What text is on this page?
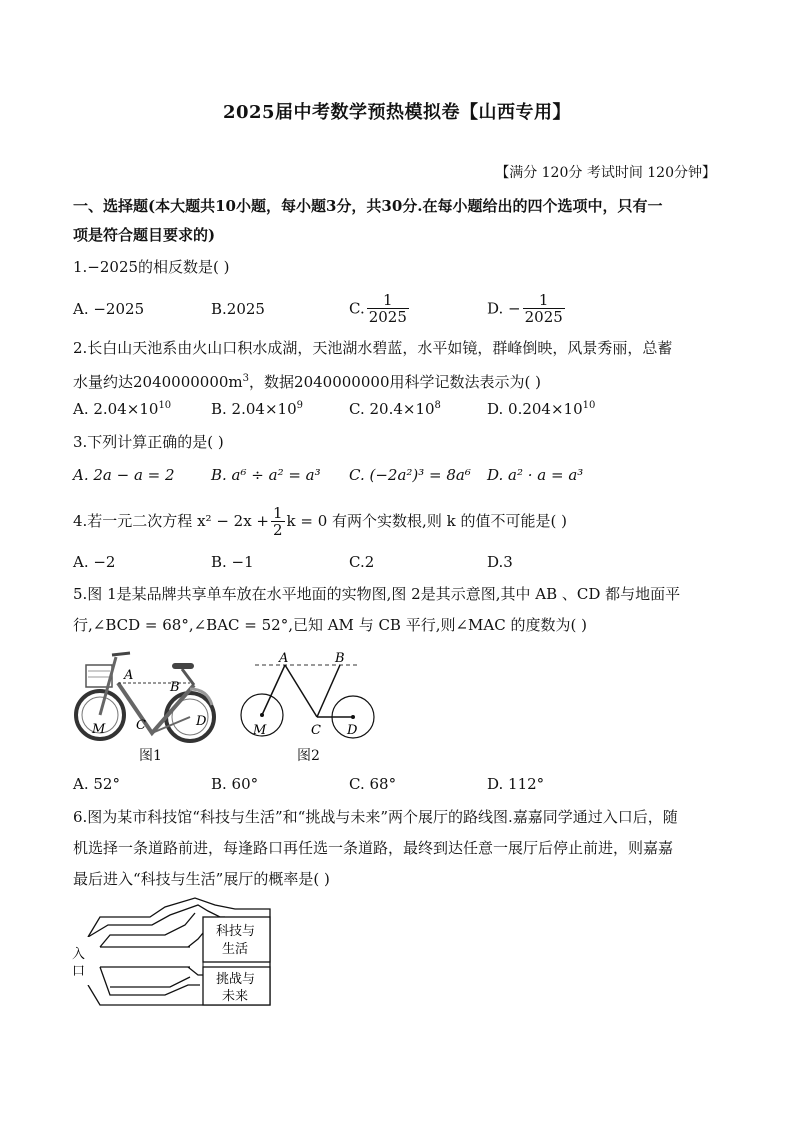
2025届中考数学预热模拟卷【山西专用】
【满分 120分 考试时间 120分钟】
一、选择题(本大题共10小题，每小题3分，共30分.在每小题给出的四个选项中，只有一
项是符合题目要求的)
1.−2025的相反数是( )
A. −2025	B.2025	C. $\frac{1}{2025}$	D. − $\frac{1}{2025}$
2.长白山天池系由火山口积水成湖，天池湖水碧蓝，水平如镜，群峰倒映，风景秀丽，总蓄
水量约达$2040000000m^3$，数据2040000000用科学记数法表示为( )
A. $2.04\times 10^{10}$	B. $2.04\times 10^9$	C. $20.4\times 10^8$	D. $0.204\times 10^{10}$
3.下列计算正确的是( )
A. 2a − a = 2 B. a⁶ ÷ a² = a³ C. (−2a²)³ = 8a⁶ D. a² · a = a³
4.若一元二次方程 $x^2 - 2x + \frac{1}{2}$ k = 0 有两个实数根,则 k 的值不可能是( )
A. −2	B. −1	C.2	D.3
5.图 1是某品牌共享单车放在水平地面的实物图,图 2是其示意图,其中 AB 、CD 都与地面平
行,∠BCD = 68°,∠BAC = 52°,已知 AM 与 CB 平行,则∠MAC 的度数为( )
A
B
C	D
M
图1
A	B
C D
M
图2
A. 52°	B. 60°	C. 68°	D. 112°
6.图为某市科技馆“科技与生活”和“挑战与未来”两个展厅的路线图.嘉嘉同学通过入口后，随
机选择一条道路前进，每逢路口再任选一条道路，最终到达任意一展厅后停止前进，则嘉嘉
最后进入“科技与生活”展厅的概率是( )
入
口
科技与
生活
挑战与
未来
